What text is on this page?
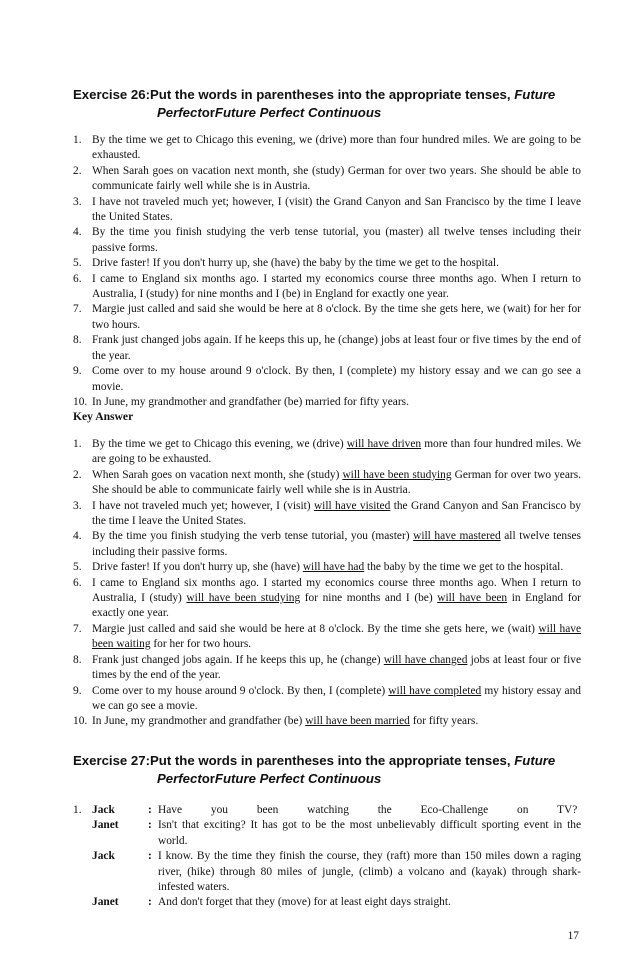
Exercise 26: Put the words in parentheses into the appropriate tenses, Future
Perfect or Future Perfect Continuous
1. By the time we get to Chicago this evening, we (drive) more than four hundred miles. We are going to be exhausted.
2. When Sarah goes on vacation next month, she (study) German for over two years. She should be able to communicate fairly well while she is in Austria.
3. I have not traveled much yet; however, I (visit) the Grand Canyon and San Francisco by the time I leave the United States.
4. By the time you finish studying the verb tense tutorial, you (master) all twelve tenses including their passive forms.
5. Drive faster! If you don't hurry up, she (have) the baby by the time we get to the hospital.
6. I came to England six months ago. I started my economics course three months ago. When I return to Australia, I (study) for nine months and I (be) in England for exactly one year.
7. Margie just called and said she would be here at 8 o'clock. By the time she gets here, we (wait) for her for two hours.
8. Frank just changed jobs again. If he keeps this up, he (change) jobs at least four or five times by the end of the year.
9. Come over to my house around 9 o'clock. By then, I (complete) my history essay and we can go see a movie.
10. In June, my grandmother and grandfather (be) married for fifty years.
Key Answer
1. By the time we get to Chicago this evening, we (drive) will have driven more than four hundred miles. We are going to be exhausted.
2. When Sarah goes on vacation next month, she (study) will have been studying German for over two years. She should be able to communicate fairly well while she is in Austria.
3. I have not traveled much yet; however, I (visit) will have visited the Grand Canyon and San Francisco by the time I leave the United States.
4. By the time you finish studying the verb tense tutorial, you (master) will have mastered all twelve tenses including their passive forms.
5. Drive faster! If you don't hurry up, she (have) will have had the baby by the time we get to the hospital.
6. I came to England six months ago. I started my economics course three months ago. When I return to Australia, I (study) will have been studying for nine months and I (be) will have been in England for exactly one year.
7. Margie just called and said she would be here at 8 o'clock. By the time she gets here, we (wait) will have been waiting for her for two hours.
8. Frank just changed jobs again. If he keeps this up, he (change) will have changed jobs at least four or five times by the end of the year.
9. Come over to my house around 9 o'clock. By then, I (complete) will have completed my history essay and we can go see a movie.
10. In June, my grandmother and grandfather (be) will have been married for fifty years.
Exercise 27: Put the words in parentheses into the appropriate tenses, Future
Perfect or Future Perfect Continuous
1. Jack	: Have you been watching the Eco-Challenge on TV?
Janet	: Isn't that exciting? It has got to be the most unbelievably difficult sporting event in the world.
Jack	: I know. By the time they finish the course, they (raft) more than 150 miles down a raging river, (hike) through 80 miles of jungle, (climb) a volcano and (kayak) through shark-infested waters.
Janet	: And don't forget that they (move) for at least eight days straight.
17
